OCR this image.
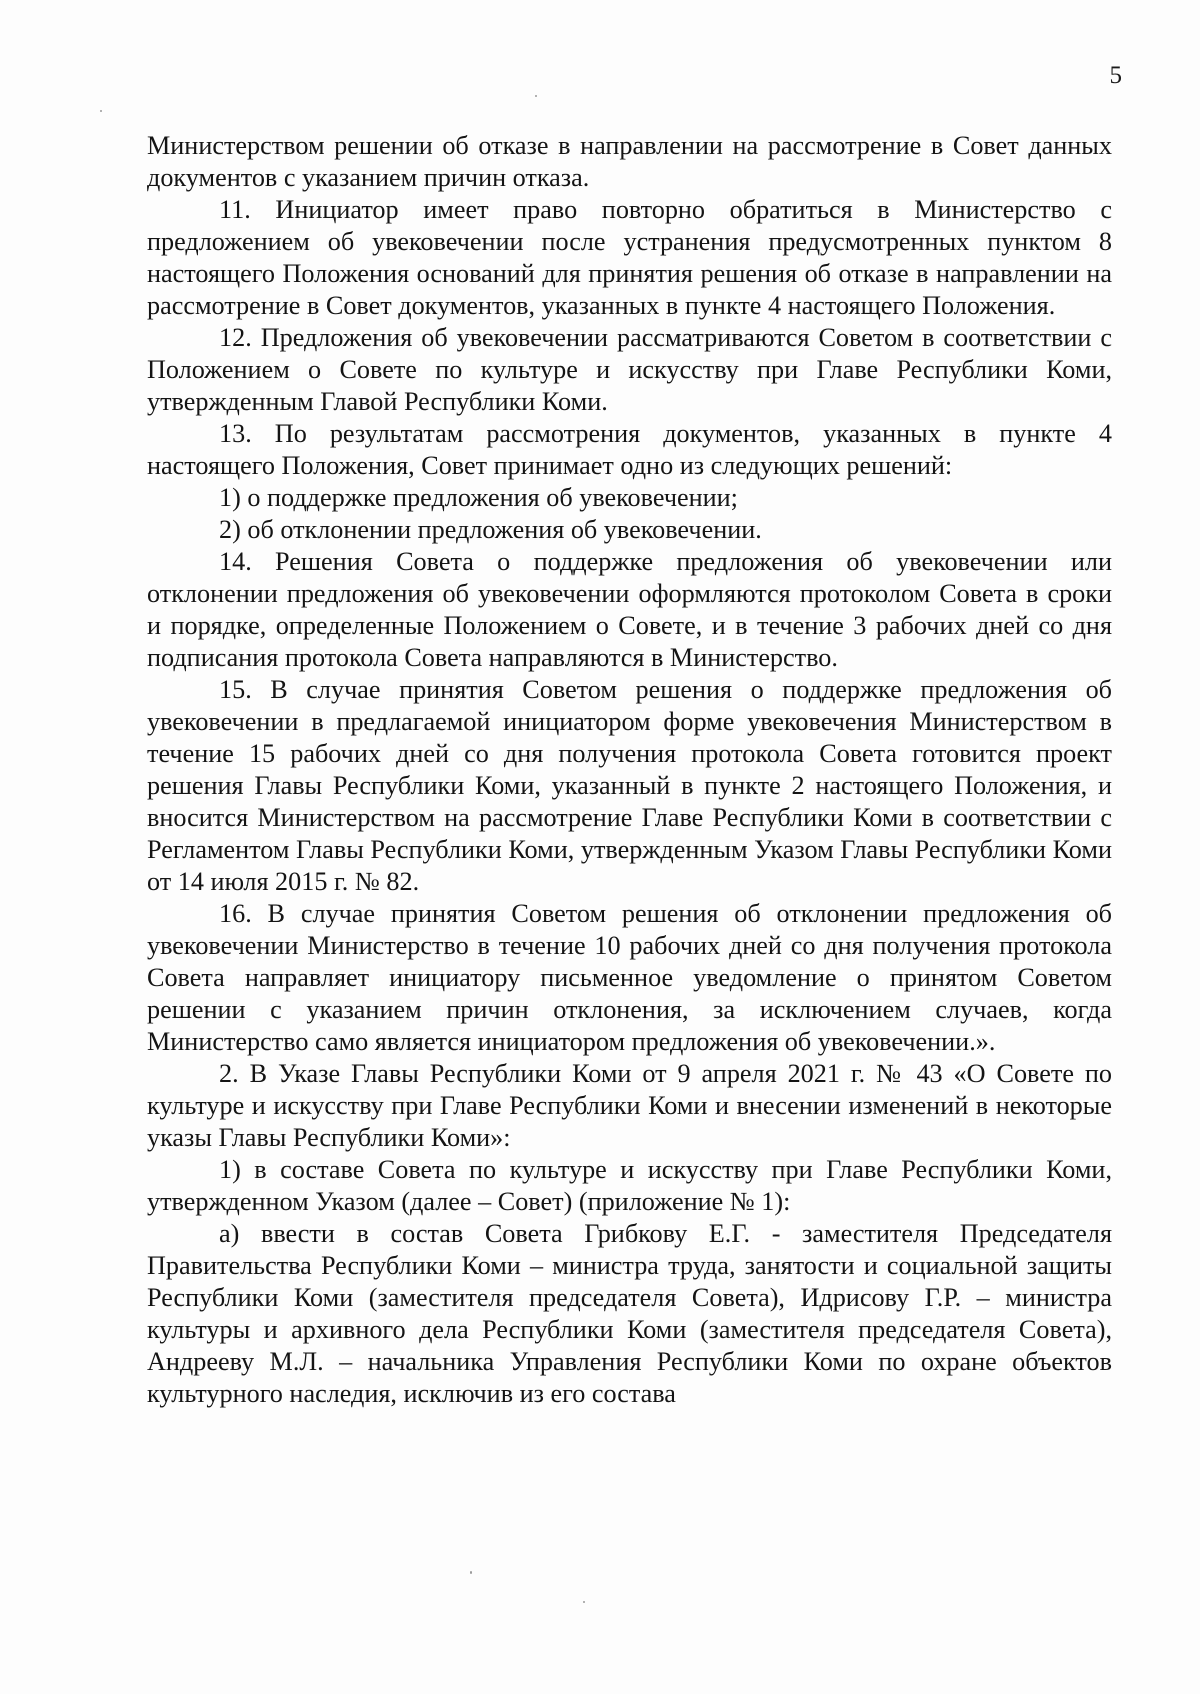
5

Министерством решении об отказе в направлении на рассмотрение в Совет данных документов с указанием причин отказа.

11. Инициатор имеет право повторно обратиться в Министерство с предложением об увековечении после устранения предусмотренных пунктом 8 настоящего Положения оснований для принятия решения об отказе в направлении на рассмотрение в Совет документов, указанных в пункте 4 настоящего Положения.

12. Предложения об увековечении рассматриваются Советом в соответствии с Положением о Совете по культуре и искусству при Главе Республики Коми, утвержденным Главой Республики Коми.

13. По результатам рассмотрения документов, указанных в пункте 4 настоящего Положения, Совет принимает одно из следующих решений:

1) о поддержке предложения об увековечении;

2) об отклонении предложения об увековечении.

14. Решения Совета о поддержке предложения об увековечении или отклонении предложения об увековечении оформляются протоколом Совета в сроки и порядке, определенные Положением о Совете, и в течение 3 рабочих дней со дня подписания протокола Совета направляются в Министерство.

15. В случае принятия Советом решения о поддержке предложения об увековечении в предлагаемой инициатором форме увековечения Министерством в течение 15 рабочих дней со дня получения протокола Совета готовится проект решения Главы Республики Коми, указанный в пункте 2 настоящего Положения, и вносится Министерством на рассмотрение Главе Республики Коми в соответствии с Регламентом Главы Республики Коми, утвержденным Указом Главы Республики Коми от 14 июля 2015 г. № 82.

16. В случае принятия Советом решения об отклонении предложения об увековечении Министерство в течение 10 рабочих дней со дня получения протокола Совета направляет инициатору письменное уведомление о принятом Советом решении с указанием причин отклонения, за исключением случаев, когда Министерство само является инициатором предложения об увековечении.».

2. В Указе Главы Республики Коми от 9 апреля 2021 г. № 43 «О Совете по культуре и искусству при Главе Республики Коми и внесении изменений в некоторые указы Главы Республики Коми»:

1) в составе Совета по культуре и искусству при Главе Республики Коми, утвержденном Указом (далее – Совет) (приложение № 1):

а) ввести в состав Совета Грибкову Е.Г. - заместителя Председателя Правительства Республики Коми – министра труда, занятости и социальной защиты Республики Коми (заместителя председателя Совета), Идрисову Г.Р. – министра культуры и архивного дела Республики Коми (заместителя председателя Совета), Андрееву М.Л. – начальника Управления Республики Коми по охране объектов культурного наследия, исключив из его состава
